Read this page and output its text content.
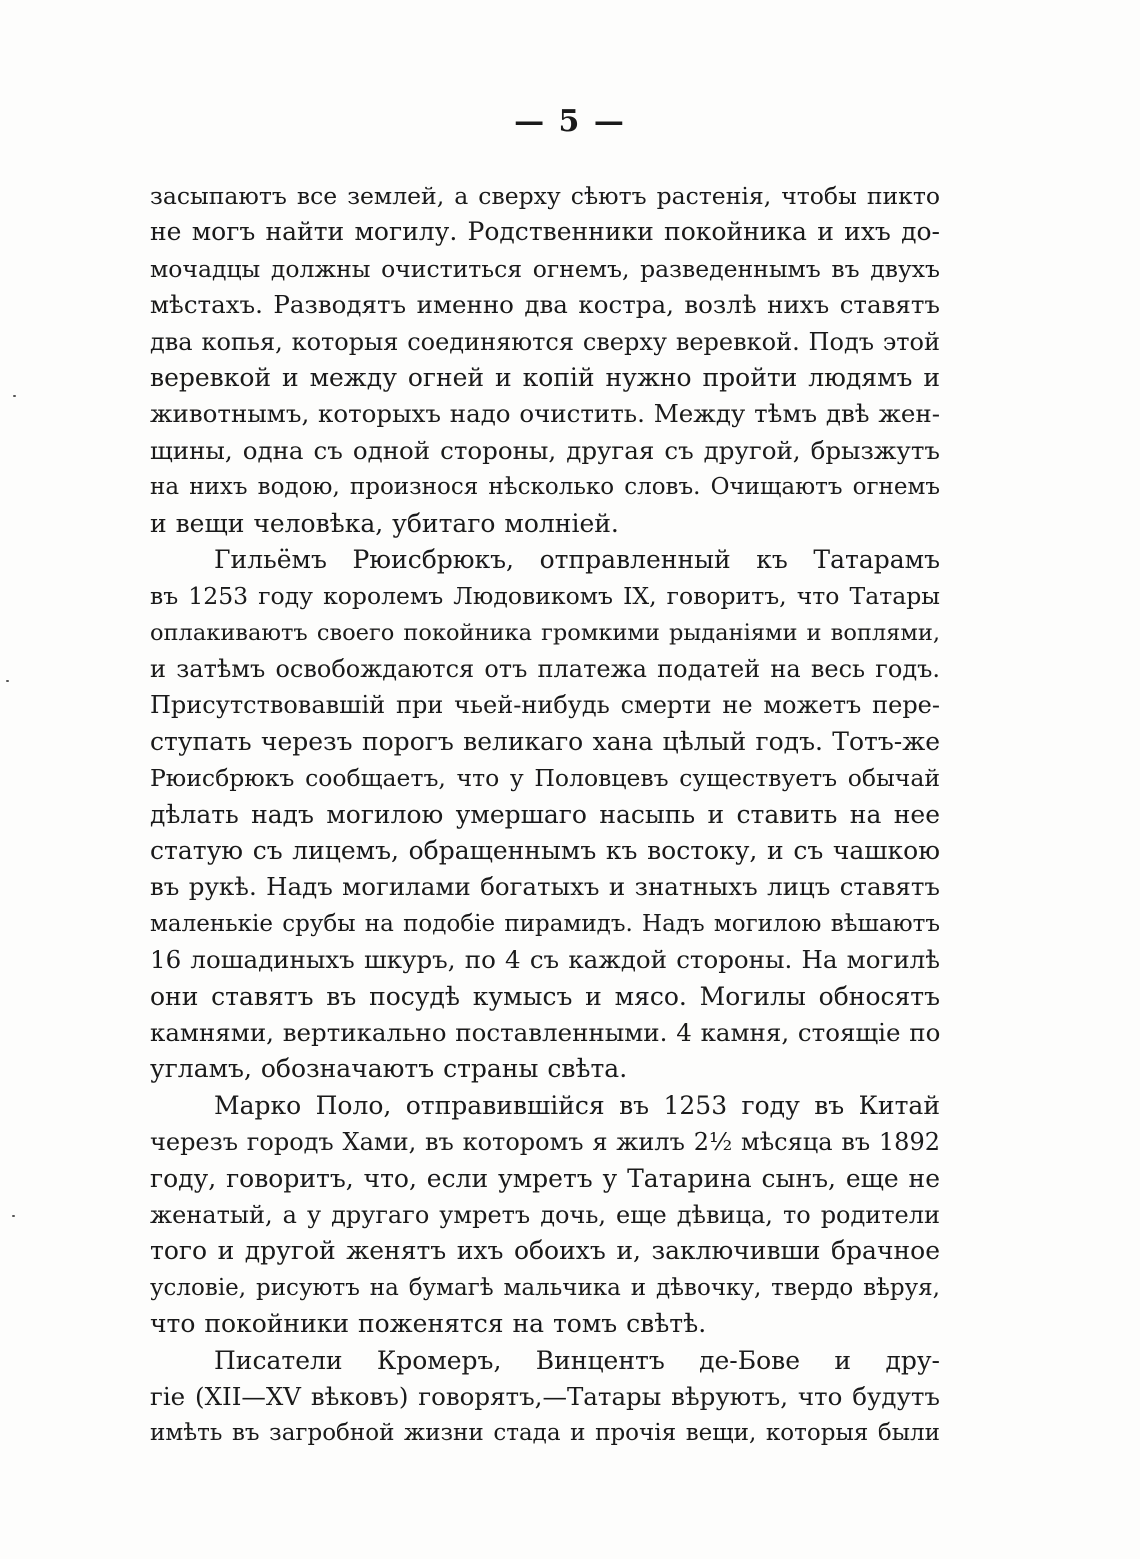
— 5 —
засыпаютъ все землей, а сверху сѣютъ растенія, чтобы пикто
не могъ найти могилу. Родственники покойника и ихъ до-
мочадцы должны очиститься огнемъ, разведеннымъ въ двухъ
мѣстахъ. Разводятъ именно два костра, возлѣ нихъ ставятъ
два копья, которыя соединяются сверху веревкой. Подъ этой
веревкой и между огней и копій нужно пройти людямъ и
животнымъ, которыхъ надо очистить. Между тѣмъ двѣ жен-
щины, одна съ одной стороны, другая съ другой, брызжутъ
на нихъ водою, произнося нѣсколько словъ. Очищаютъ огнемъ
и вещи человѣка, убитаго молніей.
Гильёмъ Рюисбрюкъ, отправленный къ Татарамъ
въ 1253 году королемъ Людовикомъ IX, говоритъ, что Татары
оплакиваютъ своего покойника громкими рыданіями и воплями,
и затѣмъ освобождаются отъ платежа податей на весь годъ.
Присутствовавшій при чьей-нибудь смерти не можетъ пере-
ступать черезъ порогъ великаго хана цѣлый годъ. Тотъ-же
Рюисбрюкъ сообщаетъ, что у Половцевъ существуетъ обычай
дѣлать надъ могилою умершаго насыпь и ставить на нее
статую съ лицемъ, обращеннымъ къ востоку, и съ чашкою
въ рукѣ. Надъ могилами богатыхъ и знатныхъ лицъ ставятъ
маленькіе срубы на подобіе пирамидъ. Надъ могилою вѣшаютъ
16 лошадиныхъ шкуръ, по 4 съ каждой стороны. На могилѣ
они ставятъ въ посудѣ кумысъ и мясо. Могилы обносятъ
камнями, вертикально поставленными. 4 камня, стоящіе по
угламъ, обозначаютъ страны свѣта.
Марко Поло, отправившійся въ 1253 году въ Китай
черезъ городъ Хами, въ которомъ я жилъ 2½ мѣсяца въ 1892
году, говоритъ, что, если умретъ у Татарина сынъ, еще не
женатый, а у другаго умретъ дочь, еще дѣвица, то родители
того и другой женятъ ихъ обоихъ и, заключивши брачное
условіе, рисуютъ на бумагѣ мальчика и дѣвочку, твердо вѣруя,
что покойники поженятся на томъ свѣтѣ.
Писатели Кромеръ, Винцентъ де-Бове и дру-
гіе (XII—XV вѣковъ) говорятъ,—Татары вѣруютъ, что будутъ
имѣть въ загробной жизни стада и прочія вещи, которыя были
